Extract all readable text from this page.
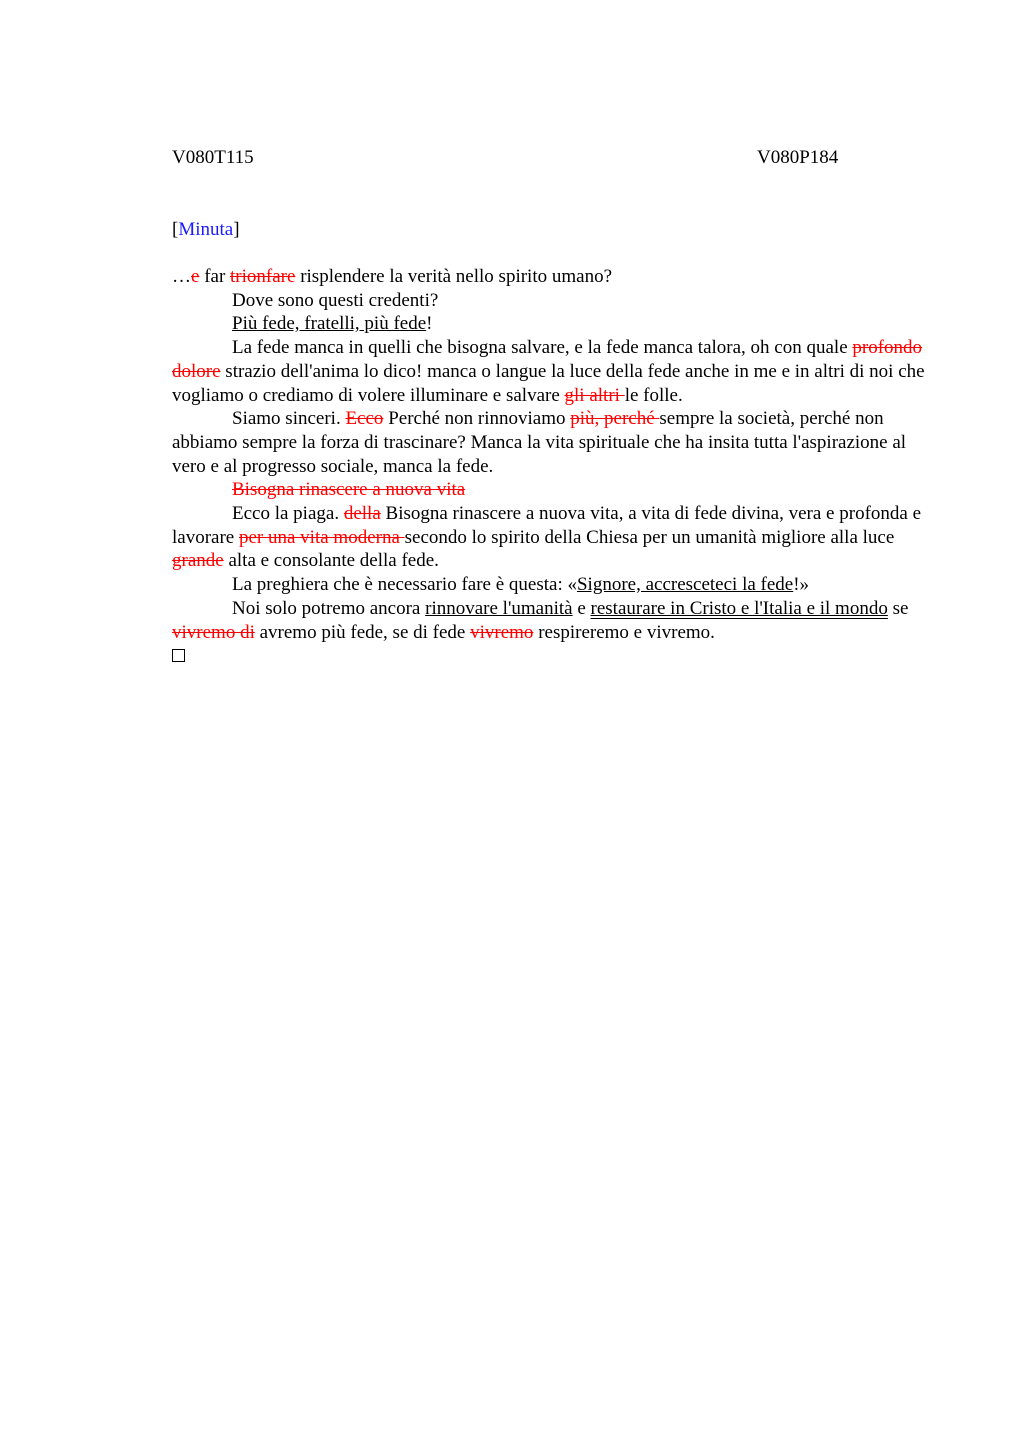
V080T115	V080P184
[Minuta]

…e far trionfare risplendere la verità nello spirito umano?

Dove sono questi credenti?

Più fede, fratelli, più fede!

La fede manca in quelli che bisogna salvare, e la fede manca talora, oh con quale profondo dolore strazio dell'anima lo dico! manca o langue la luce della fede anche in me e in altri di noi che vogliamo o crediamo di volere illuminare e salvare gli altri le folle.

Siamo sinceri. Ecco Perché non rinnoviamo più, perché sempre la società, perché non abbiamo sempre la forza di trascinare? Manca la vita spirituale che ha insita tutta l'aspirazione al vero e al progresso sociale, manca la fede.

Bisogna rinascere a nuova vita

Ecco la piaga. della Bisogna rinascere a nuova vita, a vita di fede divina, vera e profonda e lavorare per una vita moderna secondo lo spirito della Chiesa per un umanità migliore alla luce grande alta e consolante della fede.

La preghiera che è necessario fare è questa: «Signore, accresceteci la fede!»

Noi solo potremo ancora rinnovare l'umanità e restaurare in Cristo e l'Italia e il mondo se vivremo di avremo più fede, se di fede vivremo respireremo e vivremo.
